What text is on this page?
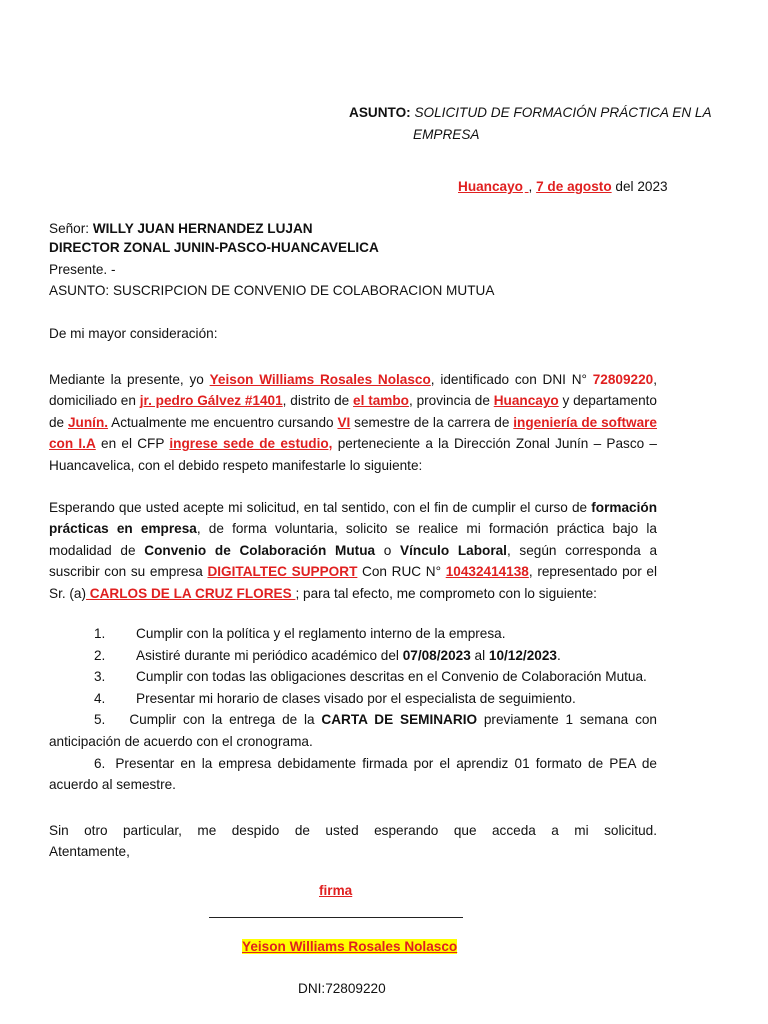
ASUNTO: SOLICITUD DE FORMACIÓN PRÁCTICA EN LA
EMPRESA
Huancayo , 7 de agosto del 2023
Señor: WILLY JUAN HERNANDEZ LUJAN
DIRECTOR ZONAL JUNIN-PASCO-HUANCAVELICA
Presente. -
ASUNTO: SUSCRIPCION DE CONVENIO DE COLABORACION MUTUA
De mi mayor consideración:

Mediante la presente, yo Yeison Williams Rosales Nolasco, identificado con DNI N° 72809220, domiciliado en jr. pedro Gálvez #1401, distrito de el tambo, provincia de Huancayo y departamento de Junín. Actualmente me encuentro cursando VI semestre de la carrera de ingeniería de software con I.A en el CFP ingrese sede de estudio, perteneciente a la Dirección Zonal Junín – Pasco – Huancavelica, con el debido respeto manifestarle lo siguiente:

Esperando que usted acepte mi solicitud, en tal sentido, con el fin de cumplir el curso de formación prácticas en empresa, de forma voluntaria, solicito se realice mi formación práctica bajo la modalidad de Convenio de Colaboración Mutua o Vínculo Laboral, según corresponda a suscribir con su empresa DIGITALTEC SUPPORT Con RUC N° 10432414138, representado por el Sr. (a) CARLOS DE LA CRUZ FLORES ; para tal efecto, me comprometo con lo siguiente:

1.	Cumplir con la política y el reglamento interno de la empresa.
2.	Asistiré durante mi periódico académico del 07/08/2023 al 10/12/2023.
3.	Cumplir con todas las obligaciones descritas en el Convenio de Colaboración Mutua.
4.	Presentar mi horario de clases visado por el especialista de seguimiento.
5. Cumplir con la entrega de la CARTA DE SEMINARIO previamente 1 semana con anticipación de acuerdo con el cronograma.
6. Presentar en la empresa debidamente firmada por el aprendiz 01 formato de PEA de acuerdo al semestre.

Sin otro particular, me despido de usted esperando que acceda a mi solicitud.

Atentamente,

firma
Yeison Williams Rosales Nolasco
DNI:72809220
